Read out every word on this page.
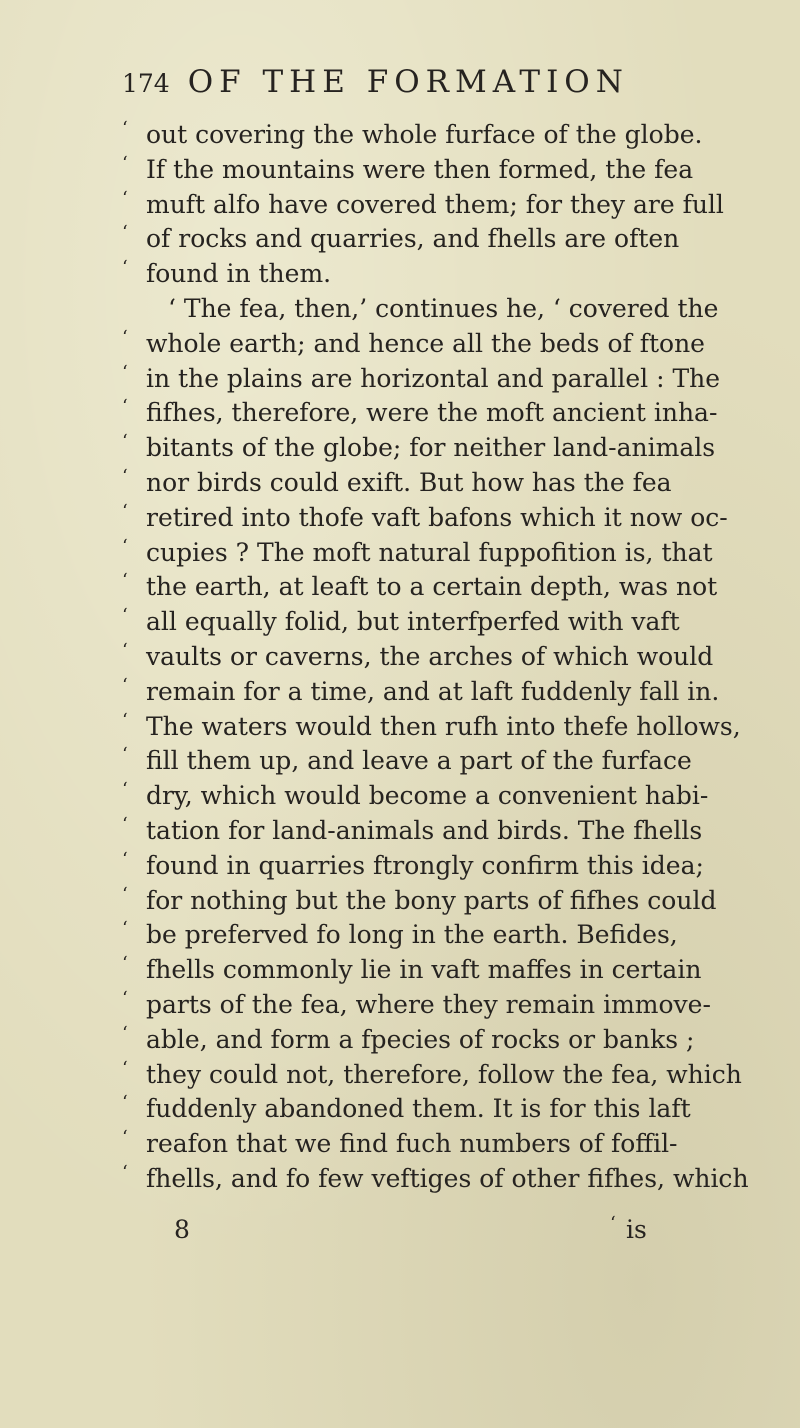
174 OF THE FORMATION
‘ out covering the whole furface of the globe.
‘ If the mountains were then formed, the fea
‘ muft alfo have covered them; for they are full
‘ of rocks and quarries, and fhells are often
‘ found in them.
‘ The fea, then,’ continues he, ‘ covered the
‘ whole earth; and hence all the beds of ftone
‘ in the plains are horizontal and parallel : The
‘ fifhes, therefore, were the moft ancient inha-
‘ bitants of the globe; for neither land-animals
‘ nor birds could exift. But how has the fea
‘ retired into thofe vaft bafons which it now oc-
‘ cupies ? The moft natural fuppofition is, that
‘ the earth, at leaft to a certain depth, was not
‘ all equally folid, but interfperfed with vaft
‘ vaults or caverns, the arches of which would
‘ remain for a time, and at laft fuddenly fall in.
‘ The waters would then rufh into thefe hollows,
‘ fill them up, and leave a part of the furface
‘ dry, which would become a convenient habi-
‘ tation for land-animals and birds. The fhells
‘ found in quarries ftrongly confirm this idea;
‘ for nothing but the bony parts of fifhes could
‘ be preferved fo long in the earth. Befides,
‘ fhells commonly lie in vaft maffes in certain
‘ parts of the fea, where they remain immove-
‘ able, and form a fpecies of rocks or banks ;
‘ they could not, therefore, follow the fea, which
‘ fuddenly abandoned them. It is for this laft
‘ reafon that we find fuch numbers of foffil-
‘ fhells, and fo few veftiges of other fifhes, which
8	‘ is
